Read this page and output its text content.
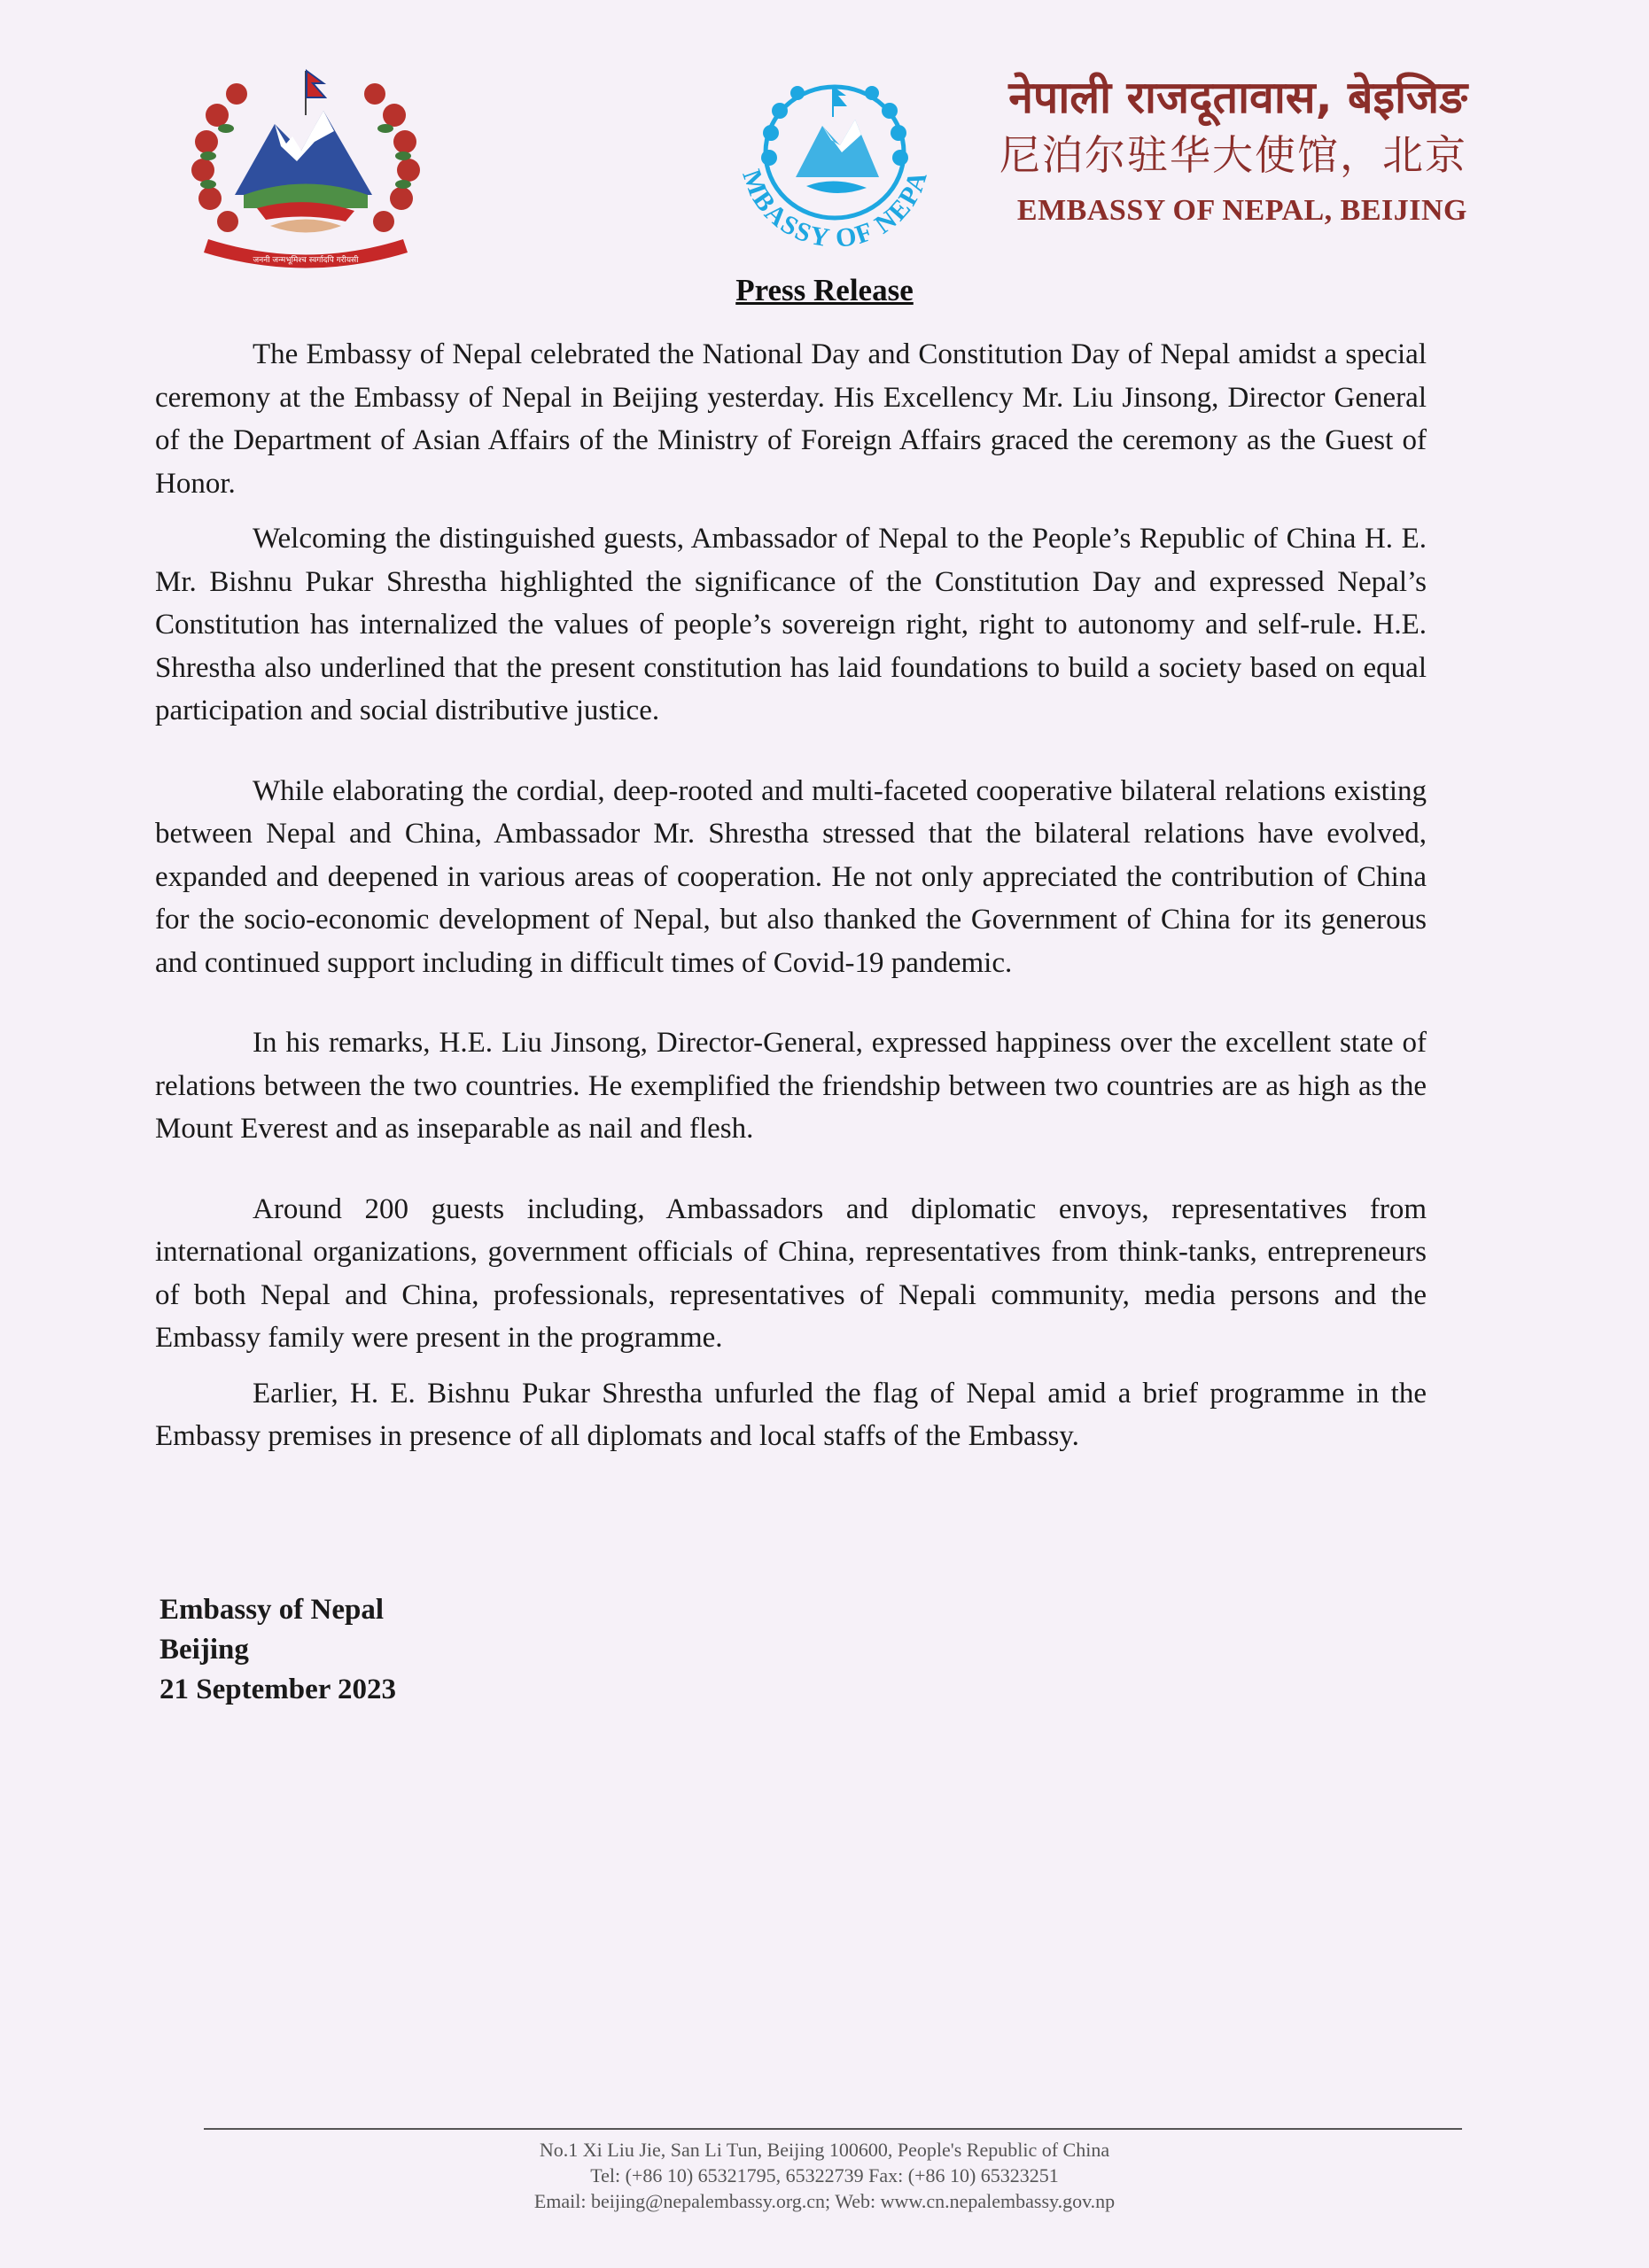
जननी जन्मभूमिश्च स्वर्गादपि गरीयसी
MBASSY OF NEPA
नेपाली राजदूतावास, बेइजिङ
尼泊尔驻华大使馆，北京
EMBASSY OF NEPAL, BEIJING
Press Release

The Embassy of Nepal celebrated the National Day and Constitution Day of Nepal amidst a special ceremony at the Embassy of Nepal in Beijing yesterday. His Excellency Mr. Liu Jinsong, Director General of the Department of Asian Affairs of the Ministry of Foreign Affairs graced the ceremony as the Guest of Honor.

Welcoming the distinguished guests, Ambassador of Nepal to the People’s Republic of China H. E. Mr. Bishnu Pukar Shrestha highlighted the significance of the Constitution Day and expressed Nepal’s Constitution has internalized the values of people’s sovereign right, right to autonomy and self-rule. H.E. Shrestha also underlined that the present constitution has laid foundations to build a society based on equal participation and social distributive justice.

While elaborating the cordial, deep-rooted and multi-faceted cooperative bilateral relations existing between Nepal and China, Ambassador Mr. Shrestha stressed that the bilateral relations have evolved, expanded and deepened in various areas of cooperation. He not only appreciated the contribution of China for the socio-economic development of Nepal, but also thanked the Government of China for its generous and continued support including in difficult times of Covid-19 pandemic.

In his remarks, H.E. Liu Jinsong, Director-General, expressed happiness over the excellent state of relations between the two countries. He exemplified the friendship between two countries are as high as the Mount Everest and as inseparable as nail and flesh.

Around 200 guests including, Ambassadors and diplomatic envoys, representatives from international organizations, government officials of China, representatives from think-tanks, entrepreneurs of both Nepal and China, professionals, representatives of Nepali community, media persons and the Embassy family were present in the programme.

Earlier, H. E. Bishnu Pukar Shrestha unfurled the flag of Nepal amid a brief programme in the Embassy premises in presence of all diplomats and local staffs of the Embassy.

Embassy of Nepal
Beijing
21 September 2023
No.1 Xi Liu Jie, San Li Tun, Beijing 100600, People's Republic of China
Tel: (+86 10) 65321795, 65322739 Fax: (+86 10) 65323251
Email: beijing@nepalembassy.org.cn; Web: www.cn.nepalembassy.gov.np
